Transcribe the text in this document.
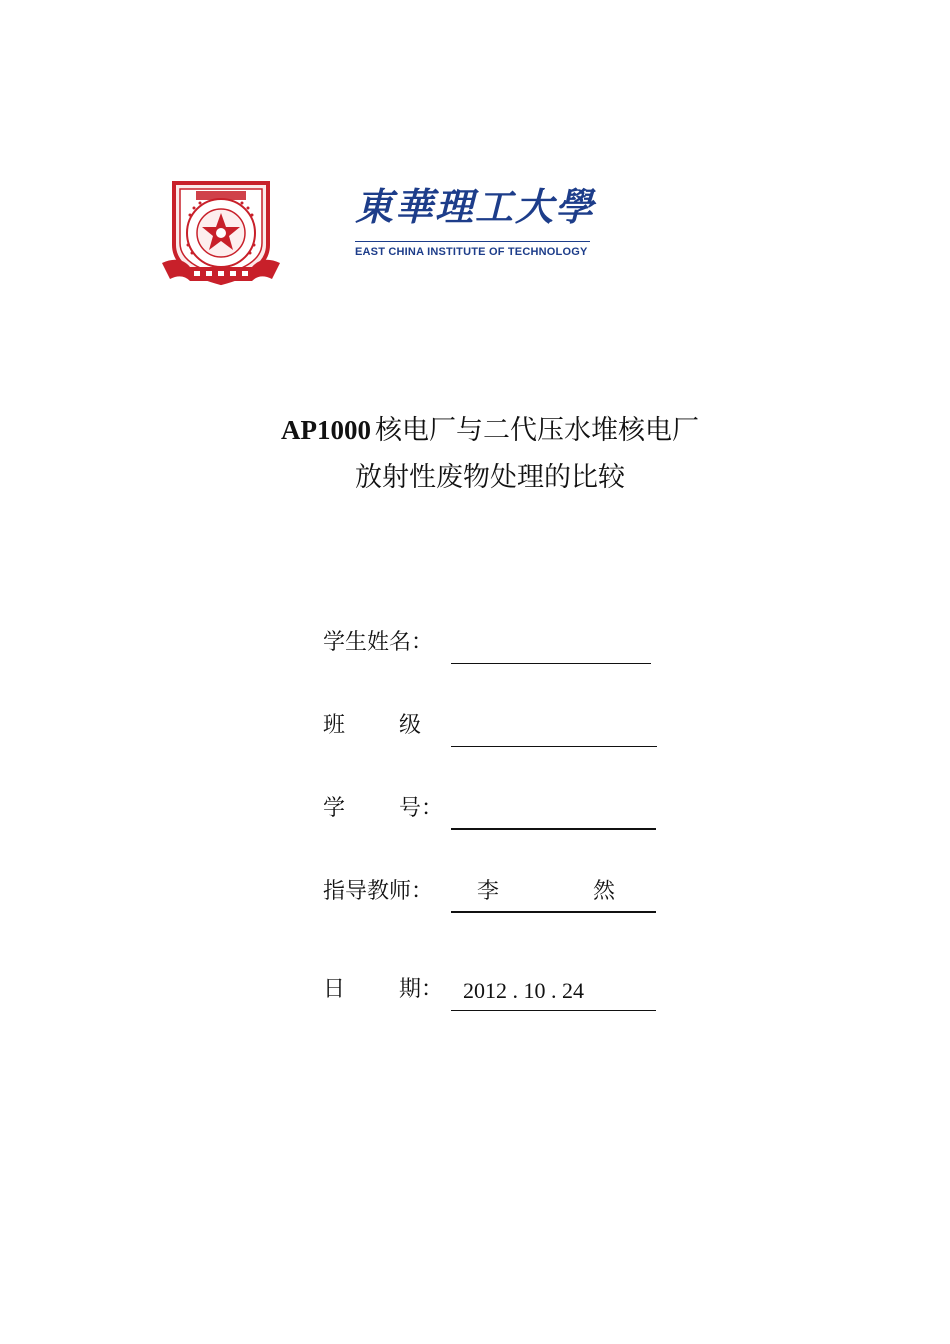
東華理工大學
EAST CHINA INSTITUTE OF TECHNOLOGY
AP1000 核电厂与二代压水堆核电厂
放射性废物处理的比较
学生姓名：
班 级
学 号：
指导教师： 李	然
日 期： 2012 . 10 . 24
